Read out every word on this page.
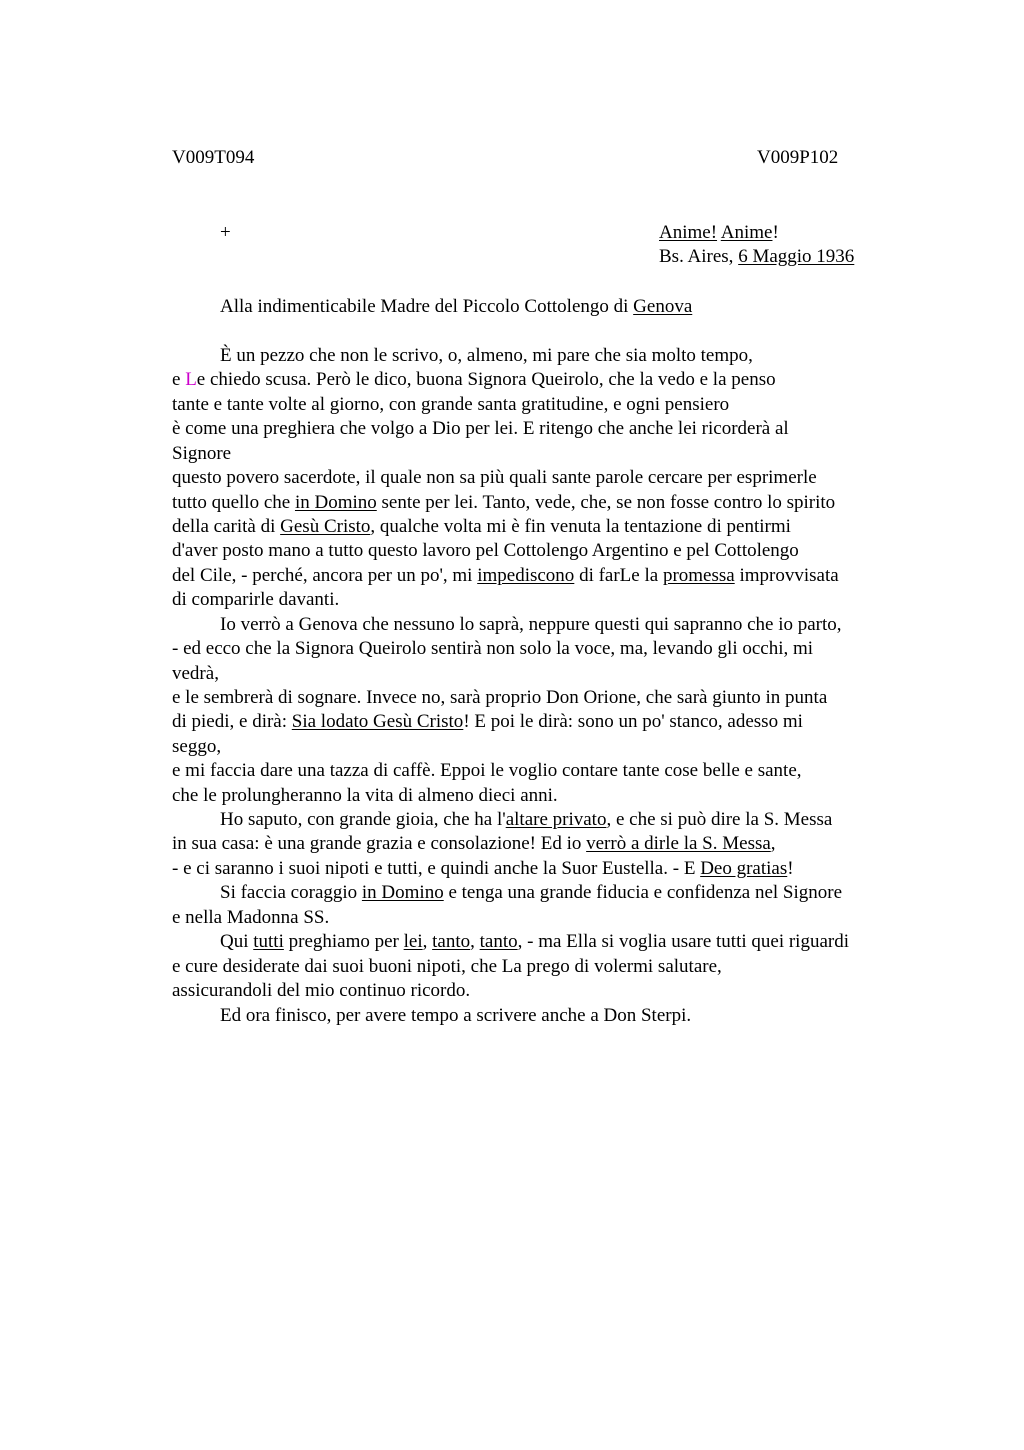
V009T094	V009P102
+	Anime! Anime!
Bs. Aires, 6 Maggio 1936
Alla indimenticabile Madre del Piccolo Cottolengo di Genova
È un pezzo che non le scrivo, o, almeno, mi pare che sia molto tempo,
e Le chiedo scusa. Però le dico, buona Signora Queirolo, che la vedo e la penso
tante e tante volte al giorno, con grande santa gratitudine, e ogni pensiero
è come una preghiera che volgo a Dio per lei. E ritengo che anche lei ricorderà al
Signore
questo povero sacerdote, il quale non sa più quali sante parole cercare per esprimerle
tutto quello che in Domino sente per lei. Tanto, vede, che, se non fosse contro lo spirito
della carità di Gesù Cristo, qualche volta mi è fin venuta la tentazione di pentirmi
d'aver posto mano a tutto questo lavoro pel Cottolengo Argentino e pel Cottolengo
del Cile, - perché, ancora per un po', mi impediscono di farLe la promessa improvvisata
di comparirle davanti.
Io verrò a Genova che nessuno lo saprà, neppure questi qui sapranno che io parto,
- ed ecco che la Signora Queirolo sentirà non solo la voce, ma, levando gli occhi, mi
vedrà,
e le sembrerà di sognare. Invece no, sarà proprio Don Orione, che sarà giunto in punta
di piedi, e dirà: Sia lodato Gesù Cristo! E poi le dirà: sono un po' stanco, adesso mi
seggo,
e mi faccia dare una tazza di caffè. Eppoi le voglio contare tante cose belle e sante,
che le prolungheranno la vita di almeno dieci anni.
Ho saputo, con grande gioia, che ha l'altare privato, e che si può dire la S. Messa
in sua casa: è una grande grazia e consolazione! Ed io verrò a dirle la S. Messa,
- e ci saranno i suoi nipoti e tutti, e quindi anche la Suor Eustella. - E Deo gratias!
Si faccia coraggio in Domino e tenga una grande fiducia e confidenza nel Signore
e nella Madonna SS.
Qui tutti preghiamo per lei, tanto, tanto, - ma Ella si voglia usare tutti quei riguardi
e cure desiderate dai suoi buoni nipoti, che La prego di volermi salutare,
assicurandoli del mio continuo ricordo.
Ed ora finisco, per avere tempo a scrivere anche a Don Sterpi.
